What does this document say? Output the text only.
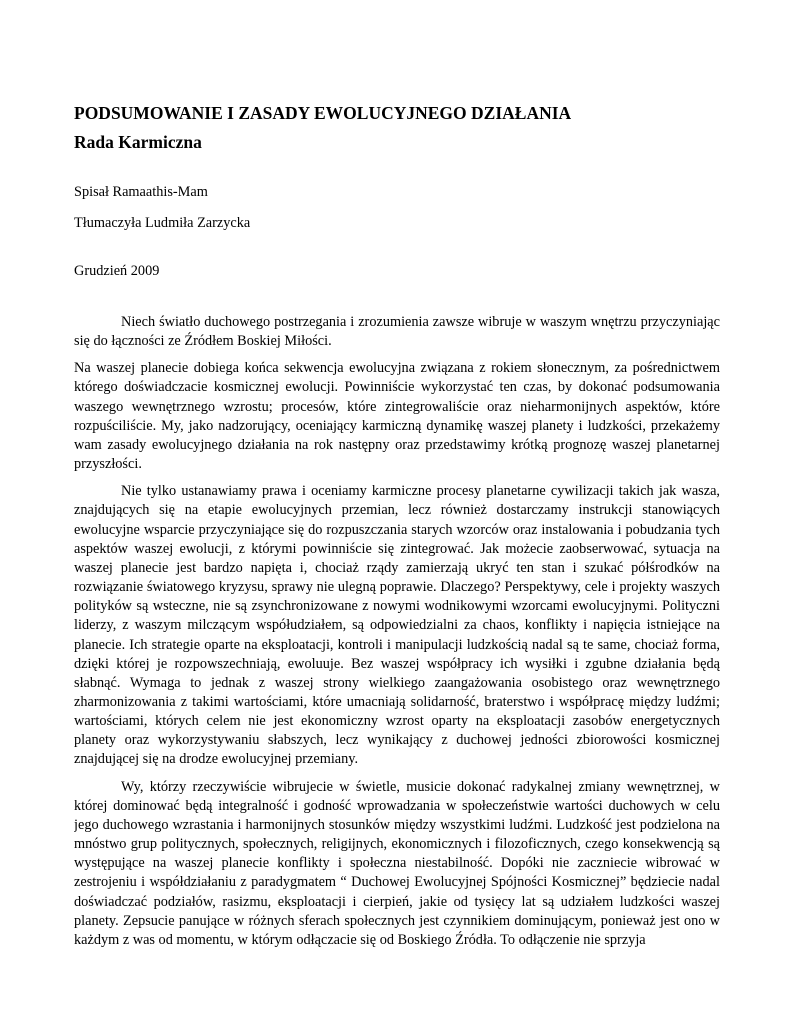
PODSUMOWANIE I ZASADY EWOLUCYJNEGO DZIAŁANIA
Rada Karmiczna

Spisał Ramaathis-Mam

Tłumaczyła Ludmiła Zarzycka

Grudzień 2009

Niech światło duchowego postrzegania i zrozumienia zawsze wibruje w waszym wnętrzu przyczyniając się do łączności ze Źródłem Boskiej Miłości.

Na waszej planecie dobiega końca sekwencja ewolucyjna związana z rokiem słonecznym, za pośrednictwem którego doświadczacie kosmicznej ewolucji. Powinniście wykorzystać ten czas, by dokonać podsumowania waszego wewnętrznego wzrostu; procesów, które zintegrowaliście oraz nieharmonijnych aspektów, które rozpuściliście. My, jako nadzorujący, oceniający karmiczną dynamikę waszej planety i ludzkości, przekażemy wam zasady ewolucyjnego działania na rok następny oraz przedstawimy krótką prognozę waszej planetarnej przyszłości.

Nie tylko ustanawiamy prawa i oceniamy karmiczne procesy planetarne cywilizacji takich jak wasza, znajdujących się na etapie ewolucyjnych przemian, lecz również dostarczamy instrukcji stanowiących ewolucyjne wsparcie przyczyniające się do rozpuszczania starych wzorców oraz instalowania i pobudzania tych aspektów waszej ewolucji, z którymi powinniście się zintegrować. Jak możecie zaobserwować, sytuacja na waszej planecie jest bardzo napięta i, chociaż rządy zamierzają ukryć ten stan i szukać półśrodków na rozwiązanie światowego kryzysu, sprawy nie ulegną poprawie. Dlaczego? Perspektywy, cele i projekty waszych polityków są wsteczne, nie są zsynchronizowane z nowymi wodnikowymi wzorcami ewolucyjnymi. Polityczni liderzy, z waszym milczącym współudziałem, są odpowiedzialni za chaos, konflikty i napięcia istniejące na planecie. Ich strategie oparte na eksploatacji, kontroli i manipulacji ludzkością nadal są te same, chociaż forma, dzięki której je rozpowszechniają, ewoluuje. Bez waszej współpracy ich wysiłki i zgubne działania będą słabnąć. Wymaga to jednak z waszej strony wielkiego zaangażowania osobistego oraz wewnętrznego zharmonizowania z takimi wartościami, które umacniają solidarność, braterstwo i współpracę między ludźmi; wartościami, których celem nie jest ekonomiczny wzrost oparty na eksploatacji zasobów energetycznych planety oraz wykorzystywaniu słabszych, lecz wynikający z duchowej jedności zbiorowości kosmicznej znajdującej się na drodze ewolucyjnej przemiany.

Wy, którzy rzeczywiście wibrujecie w świetle, musicie dokonać radykalnej zmiany wewnętrznej, w której dominować będą integralność i godność wprowadzania w społeczeństwie wartości duchowych w celu jego duchowego wzrastania i harmonijnych stosunków między wszystkimi ludźmi. Ludzkość jest podzielona na mnóstwo grup politycznych, społecznych, religijnych, ekonomicznych i filozoficznych, czego konsekwencją są występujące na waszej planecie konflikty i społeczna niestabilność. Dopóki nie zaczniecie wibrować w zestrojeniu i współdziałaniu z paradygmatem “ Duchowej Ewolucyjnej Spójności Kosmicznej” będziecie nadal doświadczać podziałów, rasizmu, eksploatacji i cierpień, jakie od tysięcy lat są udziałem ludzkości waszej planety. Zepsucie panujące w różnych sferach społecznych jest czynnikiem dominującym, ponieważ jest ono w każdym z was od momentu, w którym odłączacie się od Boskiego Źródła. To odłączenie nie sprzyja
